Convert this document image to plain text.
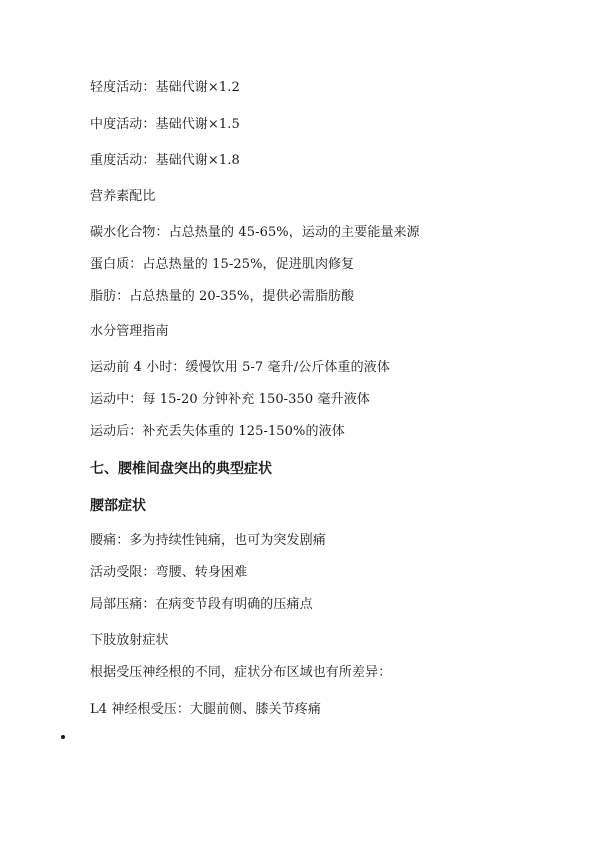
轻度活动：基础代谢×1.2
中度活动：基础代谢×1.5
重度活动：基础代谢×1.8
营养素配比
碳水化合物：占总热量的 45-65%，运动的主要能量来源
蛋白质：占总热量的 15-25%，促进肌肉修复
脂肪：占总热量的 20-35%，提供必需脂肪酸
水分管理指南
运动前 4 小时：缓慢饮用 5-7 毫升/公斤体重的液体
运动中：每 15-20 分钟补充 150-350 毫升液体
运动后：补充丢失体重的 125-150%的液体
七、腰椎间盘突出的典型症状
腰部症状
腰痛：多为持续性钝痛，也可为突发剧痛
活动受限：弯腰、转身困难
局部压痛：在病变节段有明确的压痛点
下肢放射症状
根据受压神经根的不同，症状分布区域也有所差异：
L4 神经根受压：大腿前侧、膝关节疼痛
